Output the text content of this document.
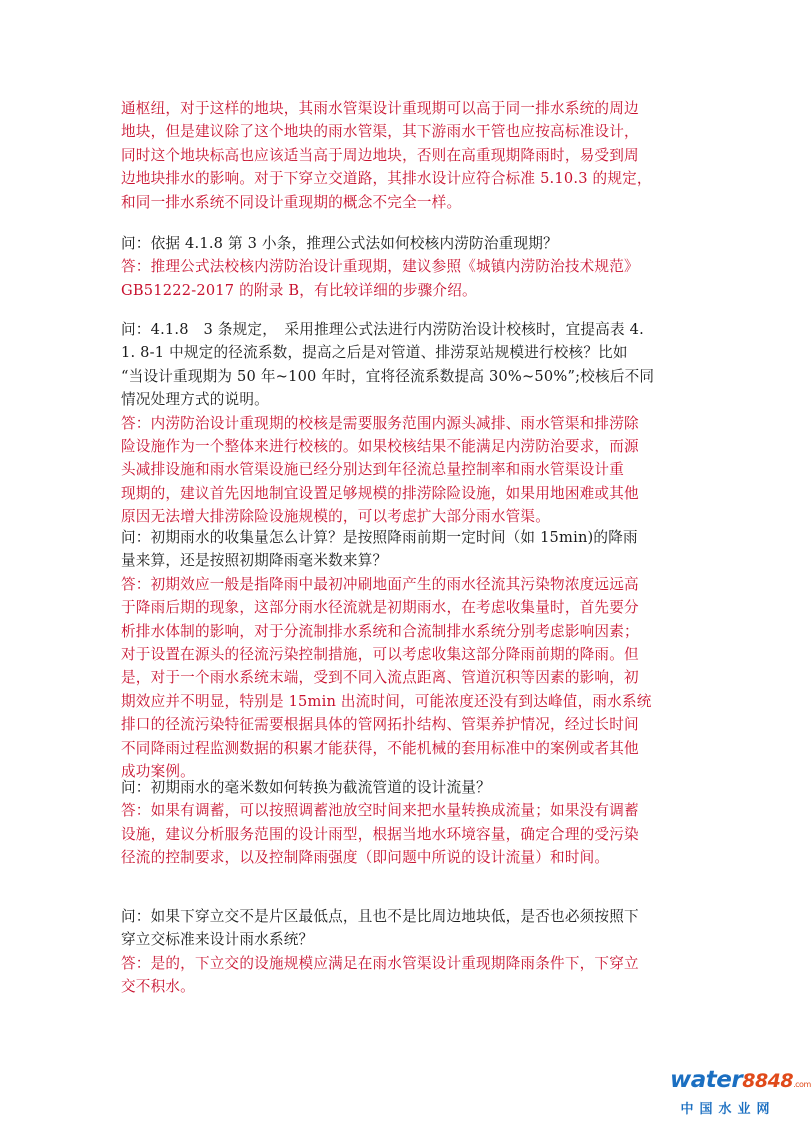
通枢纽，对于这样的地块，其雨水管渠设计重现期可以高于同一排水系统的周边

地块，但是建议除了这个地块的雨水管渠，其下游雨水干管也应按高标准设计，

同时这个地块标高也应该适当高于周边地块，否则在高重现期降雨时，易受到周

边地块排水的影响。对于下穿立交道路，其排水设计应符合标准 5.10.3 的规定，

和同一排水系统不同设计重现期的概念不完全一样。

问：依据 4.1.8 第 3 小条，推理公式法如何校核内涝防治重现期？

答：推理公式法校核内涝防治设计重现期，建议参照《城镇内涝防治技术规范》

GB51222-2017 的附录 B，有比较详细的步骤介绍。

问：4.1.8　3 条规定，　采用推理公式法进行内涝防治设计校核时，宜提高表 4.

1. 8-1 中规定的径流系数，提高之后是对管道、排涝泵站规模进行校核？比如

“当设计重现期为 50 年~100 年时，宜将径流系数提高 30%~50%”;校核后不同

情况处理方式的说明。

答：内涝防治设计重现期的校核是需要服务范围内源头减排、雨水管渠和排涝除

险设施作为一个整体来进行校核的。如果校核结果不能满足内涝防治要求，而源

头减排设施和雨水管渠设施已经分别达到年径流总量控制率和雨水管渠设计重

现期的，建议首先因地制宜设置足够规模的排涝除险设施，如果用地困难或其他

原因无法增大排涝除险设施规模的，可以考虑扩大部分雨水管渠。

问：初期雨水的收集量怎么计算？是按照降雨前期一定时间（如 15min)的降雨

量来算，还是按照初期降雨毫米数来算？

答：初期效应一般是指降雨中最初冲刷地面产生的雨水径流其污染物浓度远远高

于降雨后期的现象，这部分雨水径流就是初期雨水，在考虑收集量时，首先要分

析排水体制的影响，对于分流制排水系统和合流制排水系统分别考虑影响因素；

对于设置在源头的径流污染控制措施，可以考虑收集这部分降雨前期的降雨。但

是，对于一个雨水系统末端，受到不同入流点距离、管道沉积等因素的影响，初

期效应并不明显，特别是 15min 出流时间，可能浓度还没有到达峰值，雨水系统

排口的径流污染特征需要根据具体的管网拓扑结构、管渠养护情况，经过长时间

不同降雨过程监测数据的积累才能获得，不能机械的套用标准中的案例或者其他

成功案例。

问：初期雨水的毫米数如何转换为截流管道的设计流量？

答：如果有调蓄，可以按照调蓄池放空时间来把水量转换成流量；如果没有调蓄

设施，建议分析服务范围的设计雨型，根据当地水环境容量，确定合理的受污染

径流的控制要求，以及控制降雨强度（即问题中所说的设计流量）和时间。

问：如果下穿立交不是片区最低点，且也不是比周边地块低，是否也必须按照下

穿立交标准来设计雨水系统？

答：是的，下立交的设施规模应满足在雨水管渠设计重现期降雨条件下，下穿立

交不积水。

water8848.com
中国水业网
